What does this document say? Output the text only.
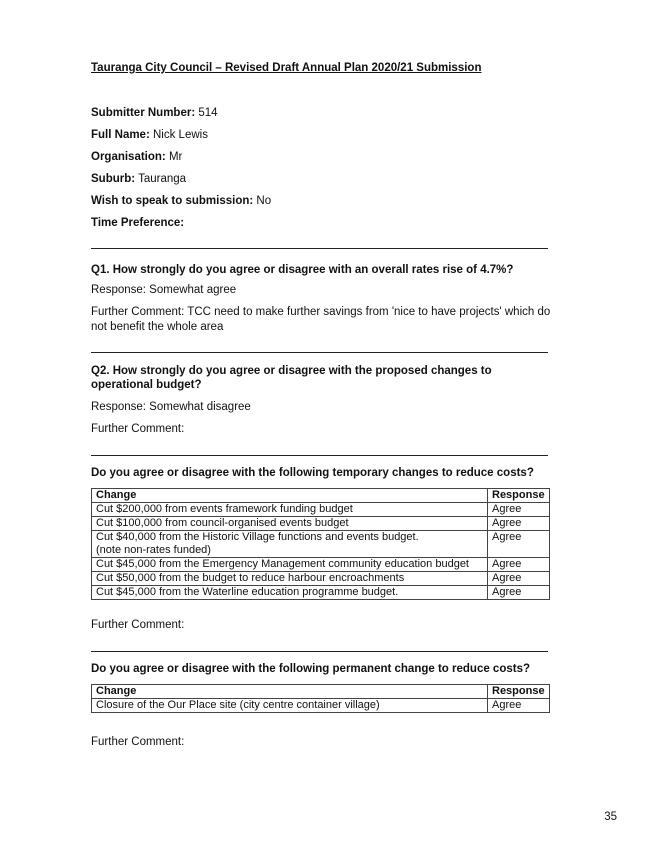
Tauranga City Council – Revised Draft Annual Plan 2020/21 Submission
Submitter Number: 514
Full Name: Nick Lewis
Organisation: Mr
Suburb: Tauranga
Wish to speak to submission: No
Time Preference:
Q1. How strongly do you agree or disagree with an overall rates rise of 4.7%?
Response: Somewhat agree
Further Comment: TCC need to make further savings from 'nice to have projects' which do not benefit the whole area
Q2. How strongly do you agree or disagree with the proposed changes to operational budget?
Response: Somewhat disagree
Further Comment:
Do you agree or disagree with the following temporary changes to reduce costs?
Change	Response
Cut $200,000 from events framework funding budget	Agree
Cut $100,000 from council-organised events budget	Agree
Cut $40,000 from the Historic Village functions and events budget.
(note non-rates funded)	Agree
Cut $45,000 from the Emergency Management community education budget	Agree
Cut $50,000 from the budget to reduce harbour encroachments	Agree
Cut $45,000 from the Waterline education programme budget.	Agree
Further Comment:
Do you agree or disagree with the following permanent change to reduce costs?
Change	Response
Closure of the Our Place site (city centre container village)	Agree
Further Comment:
35
